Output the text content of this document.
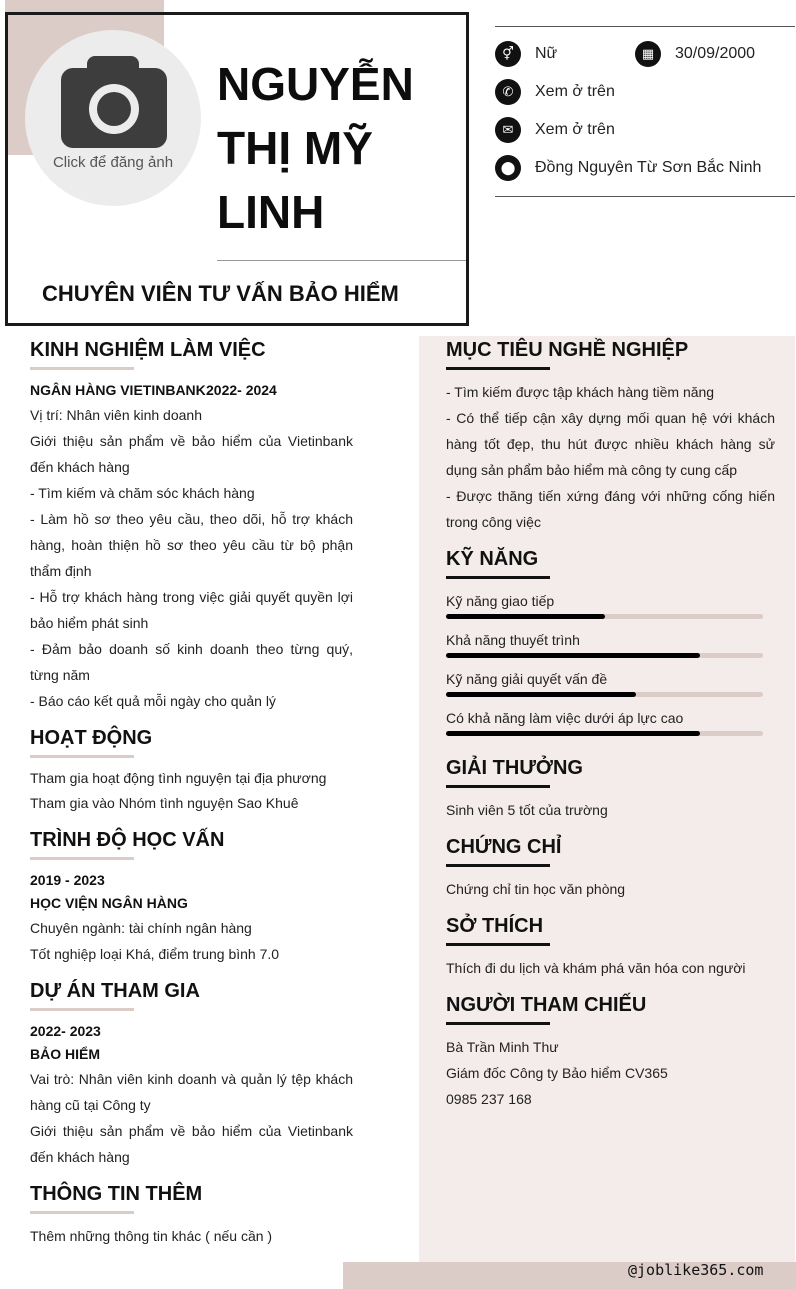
@joblike365.com
Click để đăng ảnh
NGUYỄN
THỊ MỸ
LINH
CHUYÊN VIÊN TƯ VẤN BẢO HIỂM
⚥	Nữ	▦	30/09/2000
✆	Xem ở trên
✉	Xem ở trên
⬤	Đồng Nguyên Từ Sơn Bắc Ninh
KINH NGHIỆM LÀM VIỆC
NGÂN HÀNG VIETINBANK 2022- 2024
Vị trí: Nhân viên kinh doanh
Giới thiệu sản phẩm về bảo hiểm của Vietinbank đến khách hàng
- Tìm kiếm và chăm sóc khách hàng
- Làm hồ sơ theo yêu cầu, theo dõi, hỗ trợ khách hàng, hoàn thiện hồ sơ theo yêu cầu từ bộ phận thẩm định
- Hỗ trợ khách hàng trong việc giải quyết quyền lợi bảo hiểm phát sinh
- Đảm bảo doanh số kinh doanh theo từng quý, từng năm
- Báo cáo kết quả mỗi ngày cho quản lý
HOẠT ĐỘNG
Tham gia hoạt động tình nguyện tại địa phương
Tham gia vào Nhóm tình nguyện Sao Khuê
TRÌNH ĐỘ HỌC VẤN
2019 - 2023
HỌC VIỆN NGÂN HÀNG
Chuyên ngành: tài chính ngân hàng
Tốt nghiệp loại Khá, điểm trung bình 7.0
DỰ ÁN THAM GIA
2022- 2023
BẢO HIỂM
Vai trò: Nhân viên kinh doanh và quản lý tệp khách hàng cũ tại Công ty
Giới thiệu sản phẩm về bảo hiểm của Vietinbank đến khách hàng
THÔNG TIN THÊM
Thêm những thông tin khác ( nếu cần )
MỤC TIÊU NGHỀ NGHIỆP
- Tìm kiếm được tập khách hàng tiềm năng
- Có thể tiếp cận xây dựng mối quan hệ với khách hàng tốt đẹp, thu hút được nhiều khách hàng sử dụng sản phẩm bảo hiểm mà công ty cung cấp
- Được thăng tiến xứng đáng với những cống hiến trong công việc
KỸ NĂNG
Kỹ năng giao tiếp
Khả năng thuyết trình
Kỹ năng giải quyết vấn đề
Có khả năng làm việc dưới áp lực cao
GIẢI THƯỞNG
Sinh viên 5 tốt của trường
CHỨNG CHỈ
Chứng chỉ tin học văn phòng
SỞ THÍCH
Thích đi du lịch và khám phá văn hóa con người
NGƯỜI THAM CHIẾU
Bà Trần Minh Thư
Giám đốc Công ty Bảo hiểm CV365
0985 237 168
